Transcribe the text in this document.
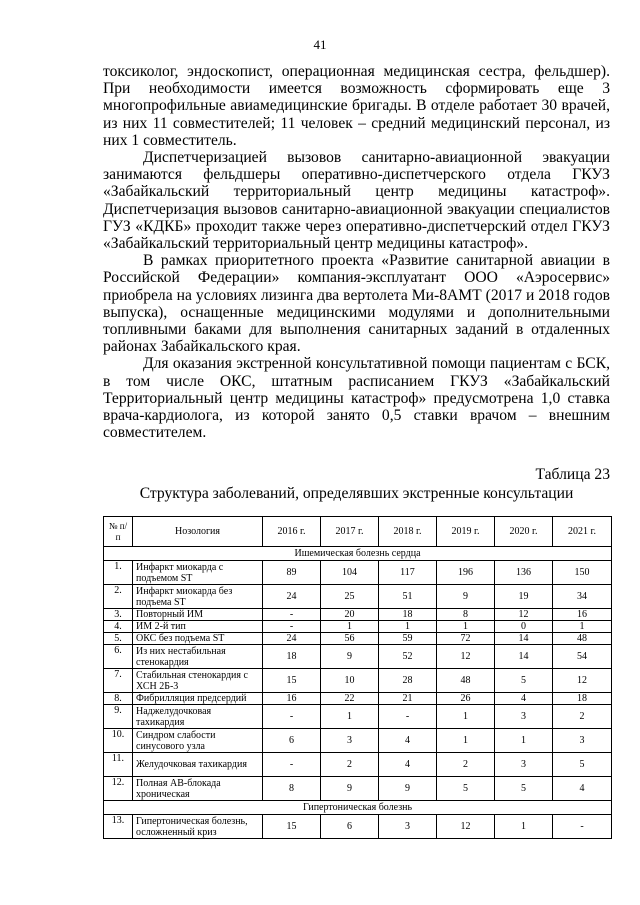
41

токсиколог, эндоскопист, операционная медицинская сестра, фельдшер). При необходимости имеется возможность сформировать еще 3 многопрофильные авиамедицинские бригады. В отделе работает 30 врачей, из них 11 совместителей; 11 человек – средний медицинский персонал, из них 1 совместитель.

Диспетчеризацией вызовов санитарно-авиационной эвакуации занимаются фельдшеры оперативно-диспетчерского отдела ГКУЗ «Забайкальский территориальный центр медицины катастроф». Диспетчеризация вызовов санитарно-авиационной эвакуации специалистов ГУЗ «КДКБ» проходит также через оперативно-диспетчерский отдел ГКУЗ «Забайкальский территориальный центр медицины катастроф».

В рамках приоритетного проекта «Развитие санитарной авиации в Российской Федерации» компания-эксплуатант ООО «Аэросервис» приобрела на условиях лизинга два вертолета Ми-8АМТ (2017 и 2018 годов выпуска), оснащенные медицинскими модулями и дополнительными топливными баками для выполнения санитарных заданий в отдаленных районах Забайкальского края.

Для оказания экстренной консультативной помощи пациентам с БСК, в том числе ОКС, штатным расписанием ГКУЗ «Забайкальский Территориальный центр медицины катастроф» предусмотрена 1,0 ставка врача-кардиолога, из которой занято 0,5 ставки врачом – внешним совместителем.

Таблица 23
Структура заболеваний, определявших экстренные консультации
№ п/п	Нозология	2016 г.	2017 г.	2018 г.	2019 г.	2020 г.	2021 г.
Ишемическая болезнь сердца							
1.	Инфаркт миокарда с подъемом ST	89	104	117	196	136	150
2.	Инфаркт миокарда без подъема ST	24	25	51	9	19	34
3.	Повторный ИМ	-	20	18	8	12	16
4.	ИМ 2-й тип	-	1	1	1	0	1
5.	ОКС без подъема ST	24	56	59	72	14	48
6.	Из них нестабильная стенокардия	18	9	52	12	14	54
7.	Стабильная стенокардия с ХСН 2Б-3	15	10	28	48	5	12
8.	Фибрилляция предсердий	16	22	21	26	4	18
9.	Наджелудочковая тахикардия	-	1	-	1	3	2
10.	Синдром слабости синусового узла	6	3	4	1	1	3
11.	Желудочковая тахикардия	-	2	4	2	3	5
12.	Полная АВ-блокада хроническая	8	9	9	5	5	4
Гипертоническая болезнь							
13.	Гипертоническая болезнь, осложненный криз	15	6	3	12	1	-
